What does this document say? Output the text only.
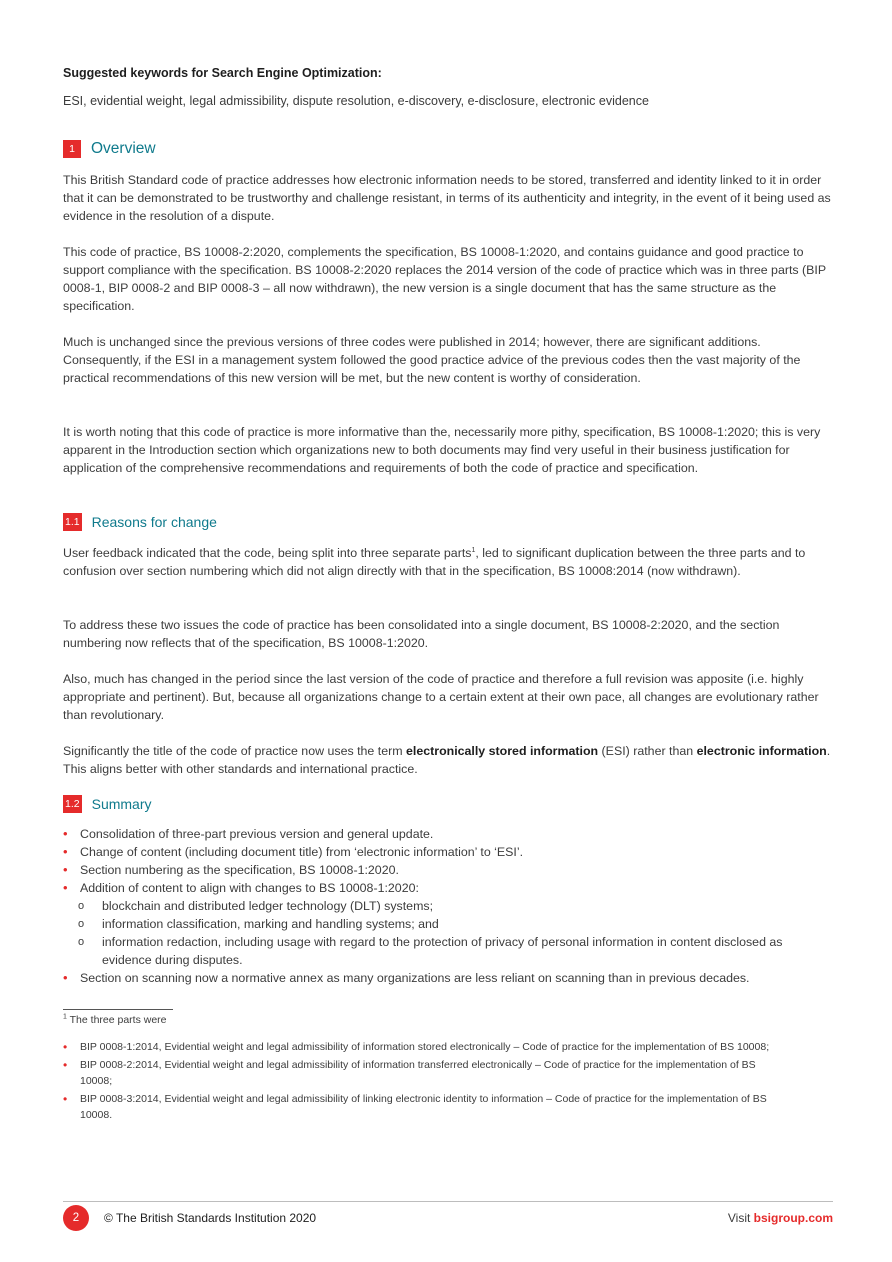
Suggested keywords for Search Engine Optimization:
ESI, evidential weight, legal admissibility, dispute resolution, e-discovery, e-disclosure, electronic evidence
1	Overview
This British Standard code of practice addresses how electronic information needs to be stored, transferred and identity linked to it in order that it can be demonstrated to be trustworthy and challenge resistant, in terms of its authenticity and integrity, in the event of it being used as evidence in the resolution of a dispute.
This code of practice, BS 10008-2:2020, complements the specification, BS 10008-1:2020, and contains guidance and good practice to support compliance with the specification. BS 10008-2:2020 replaces the 2014 version of the code of practice which was in three parts (BIP 0008-1, BIP 0008-2 and BIP 0008-3 – all now withdrawn), the new version is a single document that has the same structure as the specification.
Much is unchanged since the previous versions of three codes were published in 2014; however, there are significant additions. Consequently, if the ESI in a management system followed the good practice advice of the previous codes then the vast majority of the practical recommendations of this new version will be met, but the new content is worthy of consideration.
It is worth noting that this code of practice is more informative than the, necessarily more pithy, specification, BS 10008-1:2020; this is very apparent in the Introduction section which organizations new to both documents may find very useful in their business justification for application of the comprehensive recommendations and requirements of both the code of practice and specification.
1.1 Reasons for change
User feedback indicated that the code, being split into three separate parts$^1$, led to significant duplication between the three parts and to confusion over section numbering which did not align directly with that in the specification, BS 10008:2014 (now withdrawn).
To address these two issues the code of practice has been consolidated into a single document, BS 10008-2:2020, and the section numbering now reflects that of the specification, BS 10008-1:2020.
Also, much has changed in the period since the last version of the code of practice and therefore a full revision was apposite (i.e. highly appropriate and pertinent). But, because all organizations change to a certain extent at their own pace, all changes are evolutionary rather than revolutionary.
Significantly the title of the code of practice now uses the term electronically stored information (ESI) rather than electronic information. This aligns better with other standards and international practice.
1.2 Summary
• Consolidation of three-part previous version and general update.
• Change of content (including document title) from ‘electronic information’ to ‘ESI’.
• Section numbering as the specification, BS 10008-1:2020.
• Addition of content to align with changes to BS 10008-1:2020:
o blockchain and distributed ledger technology (DLT) systems;
o information classification, marking and handling systems; and
o information redaction, including usage with regard to the protection of privacy of personal information in content disclosed as evidence during disputes.
• Section on scanning now a normative annex as many organizations are less reliant on scanning than in previous decades.
$^1$ The three parts were
• BIP 0008-1:2014, Evidential weight and legal admissibility of information stored electronically – Code of practice for the implementation of BS 10008;
• BIP 0008-2:2014, Evidential weight and legal admissibility of information transferred electronically – Code of practice for the implementation of BS 10008;
• BIP 0008-3:2014, Evidential weight and legal admissibility of linking electronic identity to information – Code of practice for the implementation of BS 10008.
2	© The British Standards Institution 2020	Visit bsigroup.com
